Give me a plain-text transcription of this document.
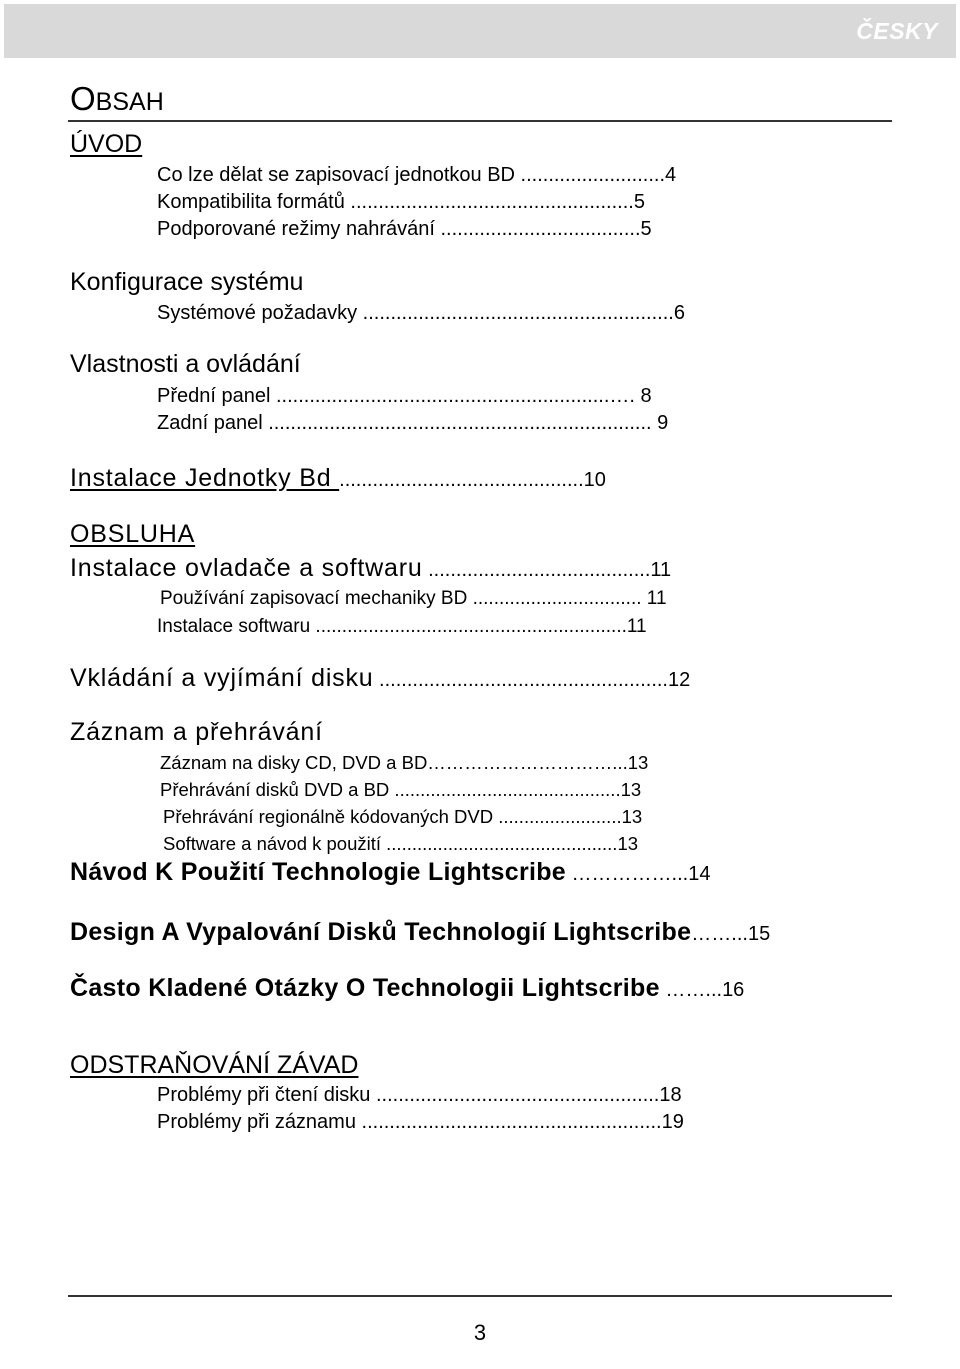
ČESKY
OBSAH
ÚVOD
Co lze dělat se zapisovací jednotkou BD ..........................4
Kompatibilita formátů ...................................................5
Podporované režimy nahrávání ....................................5
Konfigurace systému
Systémové požadavky ........................................................6
Vlastnosti a ovládání
Přední panel ............................................................…. 8
Zadní panel ..................................................................... 9
Instalace Jednotky Bd ............................................10
OBSLUHA
Instalace ovladače a softwaru ........................................11
Používání zapisovací mechaniky BD ................................ 11
Instalace softwaru ...........................................................11
Vkládání a vyjímání disku ....................................................12
Záznam a přehrávání
Záznam na disky CD, DVD a BD…………………………...13
Přehrávání disků DVD a BD ............................................13
Přehrávání regionálně kódovaných DVD ........................13
Software a návod k použití .............................................13
Návod K Použití Technologie Lightscribe ……………...14
Design A Vypalování Disků Technologií Lightscribe……...15
Často Kladené Otázky O Technologii Lightscribe ……...16
ODSTRAŇOVÁNÍ ZÁVAD
Problémy při čtení disku ...................................................18
Problémy při záznamu ......................................................19
3
